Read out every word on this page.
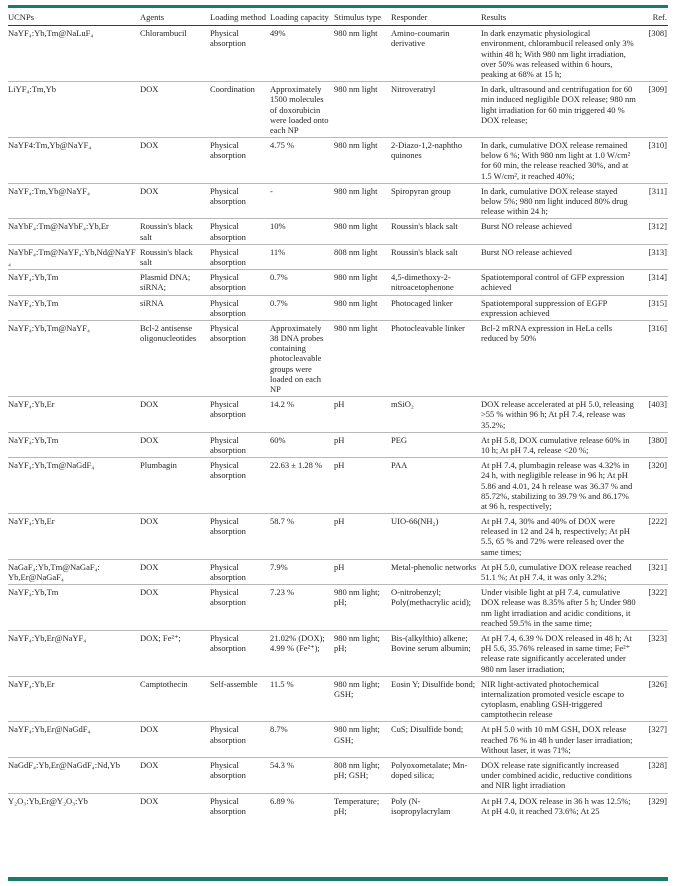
UCNPs	Agents	Loading method	Loading capacity	Stimulus type	Responder	Results	Ref.
NaYF₄:Yb,Tm@NaLuF₄	Chlorambucil	Physical absorption	49%	980 nm light	Amino-coumarin derivative	In dark enzymatic physiological environment, chlorambucil released only 3% within 48 h; With 980 nm light irradiation, over 50% was released within 6 hours, peaking at 68% at 15 h;	[308]
LiYF₄:Tm,Yb	DOX	Coordination	Approximately 1500 molecules of doxorubicin were loaded onto each NP	980 nm light	Nitroveratryl	In dark, ultrasound and centrifugation for 60 min induced negligible DOX release; 980 nm light irradiation for 60 min triggered 40 % DOX release;	[309]
NaYF4:Tm,Yb@NaYF₄	DOX	Physical absorption	4.75 %	980 nm light	2-Diazo-1,2-naphtho quinones	In dark, cumulative DOX release remained below 6 %; With 980 nm light at 1.0 W/cm² for 60 min, the release reached 30%, and at 1.5 W/cm², it reached 40%;	[310]
NaYF₄:Tm,Yb@NaYF₄	DOX	Physical absorption	-	980 nm light	Spiropyran group	In dark, cumulative DOX release stayed below 5%; 980 nm light induced 80% drug release within 24 h;	[311]
NaYbF₄:Tm@NaYbF₄:Yb,Er	Roussin's black salt	Physical absorption	10%	980 nm light	Roussin's black salt	Burst NO release achieved	[312]
NaYbF₄:Tm@NaYF₄:Yb,Nd@NaYF₄	Roussin's black salt	Physical absorption	11%	808 nm light	Roussin's black salt	Burst NO release achieved	[313]
NaYF₄:Yb,Tm	Plasmid DNA; siRNA;	Physical absorption	0.7%	980 nm light	4,5-dimethoxy-2-nitroacetophenone	Spatiotemporal control of GFP expression achieved	[314]
NaYF₄:Yb,Tm	siRNA	Physical absorption	0.7%	980 nm light	Photocaged linker	Spatiotemporal suppression of EGFP expression achieved	[315]
NaYF₄:Yb,Tm@NaYF₄	Bcl-2 antisense oligonucleotides	Physical absorption	Approximately 38 DNA probes containing photocleavable groups were loaded on each NP	980 nm light	Photocleavable linker	Bcl-2 mRNA expression in HeLa cells reduced by 50%	[316]
NaYF₄:Yb,Er	DOX	Physical absorption	14.2 %	pH	mSiO₂	DOX release accelerated at pH 5.0, releasing >55 % within 96 h; At pH 7.4, release was 35.2%;	[403]
NaYF₄:Yb,Tm	DOX	Physical absorption	60%	pH	PEG	At pH 5.8, DOX cumulative release 60% in 10 h; At pH 7.4, release <20 %;	[380]
NaYF₄:Yb,Tm@NaGdF₄	Plumbagin	Physical absorption	22.63 ± 1.28 %	pH	PAA	At pH 7.4, plumbagin release was 4.32% in 24 h, with negligible release in 96 h; At pH 5.86 and 4.01, 24 h release was 36.37 % and 85.72%, stabilizing to 39.79 % and 86.17% at 96 h, respectively;	[320]
NaYF₄:Yb,Er	DOX	Physical absorption	58.7 %	pH	UIO-66(NH₂)	At pH 7.4, 30% and 40% of DOX were released in 12 and 24 h, respectively; At pH 5.5, 65 % and 72% were released over the same times;	[222]
NaGaF₄:Yb,Tm@NaGaF₄: Yb,Er@NaGaF₄	DOX	Physical absorption	7.9%	pH	Metal-phenolic networks	At pH 5.0, cumulative DOX release reached 51.1 %; At pH 7.4, it was only 3.2%;	[321]
NaYF₄:Yb,Tm	DOX	Physical absorption	7.23 %	980 nm light; pH;	O-nitrobenzyl; Poly(methacrylic acid);	Under visible light at pH 7.4, cumulative DOX release was 8.35% after 5 h; Under 980 nm light irradiation and acidic conditions, it reached 59.5% in the same time;	[322]
NaYF₄:Yb,Er@NaYF₄	DOX; Fe²⁺;	Physical absorption	21.02% (DOX); 4.99 % (Fe²⁺);	980 nm light; pH;	Bis-(alkylthio) alkene; Bovine serum albumin;	At pH 7.4, 6.39 % DOX released in 48 h; At pH 5.6, 35.76% released in same time; Fe²⁺ release rate significantly accelerated under 980 nm laser irradiation;	[323]
NaYF₄:Yb,Er	Camptothecin	Self-assemble	11.5 %	980 nm light; GSH;	Eosin Y; Disulfide bond;	NIR light-activated photochemical internalization promoted vesicle escape to cytoplasm, enabling GSH-triggered camptothecin release	[326]
NaYF₄:Yb,Er@NaGdF₄	DOX	Physical absorption	8.7%	980 nm light; GSH;	CuS; Disulfide bond;	At pH 5.0 with 10 mM GSH, DOX release reached 76 % in 48 h under laser irradiation; Without laser, it was 71%;	[327]
NaGdF₄:Yb,Er@NaGdF₄:Nd,Yb	DOX	Physical absorption	54.3 %	808 nm light; pH; GSH;	Polyoxometalate; Mn-doped silica;	DOX release rate significantly increased under combined acidic, reductive conditions and NIR light irradiation	[328]
Y₂O₃:Yb,Er@Y₂O₃:Yb	DOX	Physical absorption	6.89 %	Temperature; pH;	Poly (N-isopropylacrylam	At pH 7.4, DOX release in 36 h was 12.5%; At pH 4.0, it reached 73.6%; At 25	[329]
